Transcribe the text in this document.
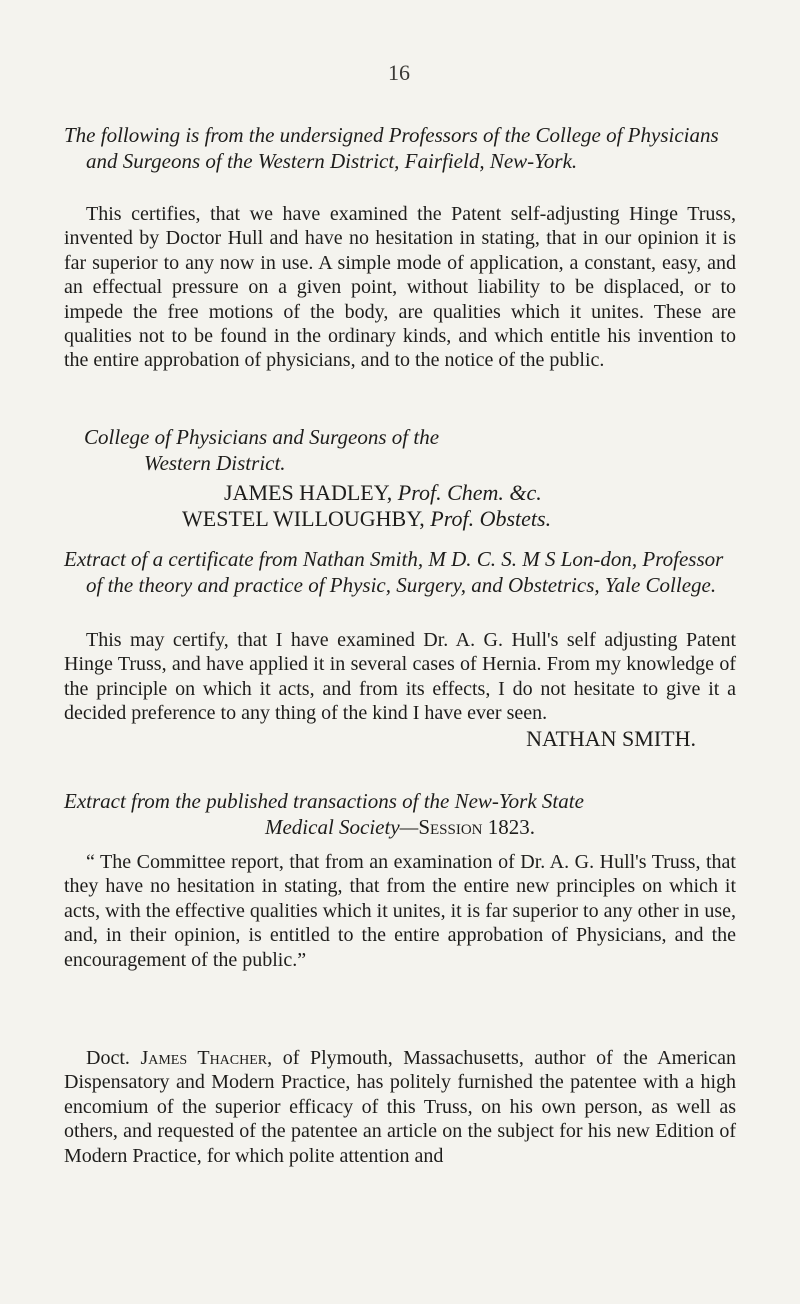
16

The following is from the undersigned Professors of the College of Physicians and Surgeons of the Western District, Fairfield, New-York.

This certifies, that we have examined the Patent self-adjusting Hinge Truss, invented by Doctor Hull and have no hesitation in stating, that in our opinion it is far superior to any now in use. A simple mode of application, a constant, easy, and an effectual pressure on a given point, without liability to be displaced, or to impede the free motions of the body, are qualities which it unites. These are qualities not to be found in the ordinary kinds, and which entitle his invention to the entire approbation of physicians, and to the notice of the public.

College of Physicians and Surgeons of the

Western District.

JAMES HADLEY, Prof. Chem. &c.

WESTEL WILLOUGHBY, Prof. Obstets.

Extract of a certificate from Nathan Smith, M D. C. S. M S Lon-don, Professor of the theory and practice of Physic, Surgery, and Obstetrics, Yale College.

This may certify, that I have examined Dr. A. G. Hull's self adjusting Patent Hinge Truss, and have applied it in several cases of Hernia. From my knowledge of the principle on which it acts, and from its effects, I do not hesitate to give it a decided preference to any thing of the kind I have ever seen.

NATHAN SMITH.

Extract from the published transactions of the New-York State

Medical Society—Session 1823.

“ The Committee report, that from an examination of Dr. A. G. Hull's Truss, that they have no hesitation in stating, that from the entire new principles on which it acts, with the effective qualities which it unites, it is far superior to any other in use, and, in their opinion, is entitled to the entire approbation of Physicians, and the encouragement of the public.”

Doct. James Thacher, of Plymouth, Massachusetts, author of the American Dispensatory and Modern Practice, has politely furnished the patentee with a high encomium of the superior efficacy of this Truss, on his own person, as well as others, and requested of the patentee an article on the subject for his new Edition of Modern Practice, for which polite attention and
